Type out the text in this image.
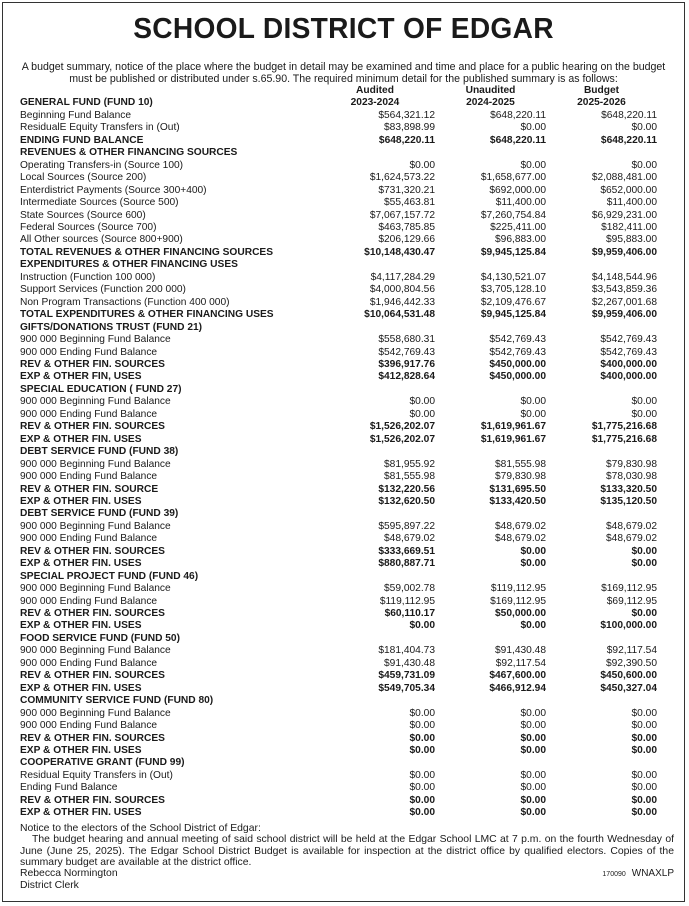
SCHOOL DISTRICT OF EDGAR
A budget summary, notice of the place where the budget in detail may be examined and time and place for a public hearing on the budget must be published or distributed under s.65.90. The required minimum detail for the published summary is as follows:
	Audited	Unaudited	Budget
GENERAL FUND (FUND 10)	2023-2024	2024-2025	2025-2026
Beginning Fund Balance	$564,321.12	$648,220.11	$648,220.11
ResidualE Equity Transfers in (Out)	$83,898.99	$0.00	$0.00
ENDING FUND BALANCE	$648,220.11	$648,220.11	$648,220.11
REVENUES & OTHER FINANCING SOURCES			
Operating Transfers-in (Source 100)	$0.00	$0.00	$0.00
Local Sources (Source 200)	$1,624,573.22	$1,658,677.00	$2,088,481.00
Enterdistrict Payments (Source 300+400)	$731,320.21	$692,000.00	$652,000.00
Intermediate Sources (Source 500)	$55,463.81	$11,400.00	$11,400.00
State Sources (Source 600)	$7,067,157.72	$7,260,754.84	$6,929,231.00
Federal Sources (Source 700)	$463,785.85	$225,411.00	$182,411.00
All Other sources (Source 800+900)	$206,129.66	$96,883.00	$95,883.00
TOTAL REVENUES & OTHER FINANCING SOURCES	$10,148,430.47	$9,945,125.84	$9,959,406.00
EXPENDITURES & OTHER FINANCING USES			
Instruction (Function 100 000)	$4,117,284.29	$4,130,521.07	$4,148,544.96
Support Services (Function 200 000)	$4,000,804.56	$3,705,128.10	$3,543,859.36
Non Program Transactions (Function 400 000)	$1,946,442.33	$2,109,476.67	$2,267,001.68
TOTAL EXPENDITURES & OTHER FINANCING USES	$10,064,531.48	$9,945,125.84	$9,959,406.00
GIFTS/DONATIONS TRUST (FUND 21)			
900 000 Beginning Fund Balance	$558,680.31	$542,769.43	$542,769.43
900 000 Ending Fund Balance	$542,769.43	$542,769.43	$542,769.43
REV & OTHER FIN. SOURCES	$396,917.76	$450,000.00	$400,000.00
EXP & OTHER FIN, USES	$412,828.64	$450,000.00	$400,000.00
SPECIAL EDUCATION ( FUND 27)			
900 000 Beginning Fund Balance	$0.00	$0.00	$0.00
900 000 Ending Fund Balance	$0.00	$0.00	$0.00
REV & OTHER FIN. SOURCES	$1,526,202.07	$1,619,961.67	$1,775,216.68
EXP & OTHER FIN. USES	$1,526,202.07	$1,619,961.67	$1,775,216.68
DEBT SERVICE FUND (FUND 38)			
900 000 Beginning Fund Balance	$81,955.92	$81,555.98	$79,830.98
900 000 Ending Fund Balance	$81,555.98	$79,830.98	$78,030.98
REV & OTHER FIN. SOURCE	$132,220.56	$131,695.50	$133,320.50
EXP & OTHER FIN. USES	$132,620.50	$133,420.50	$135,120.50
DEBT SERVICE FUND (FUND 39)			
900 000 Beginning Fund Balance	$595,897.22	$48,679.02	$48,679.02
900 000 Ending Fund Balance	$48,679.02	$48,679.02	$48,679.02
REV & OTHER FIN. SOURCES	$333,669.51	$0.00	$0.00
EXP & OTHER FIN. USES	$880,887.71	$0.00	$0.00
SPECIAL PROJECT FUND (FUND 46)			
900 000 Beginning Fund Balance	$59,002.78	$119,112.95	$169,112.95
900 000 Ending Fund Balance	$119,112.95	$169,112.95	$69,112.95
REV & OTHER FIN. SOURCES	$60,110.17	$50,000.00	$0.00
EXP & OTHER FIN. USES	$0.00	$0.00	$100,000.00
FOOD SERVICE FUND (FUND 50)			
900 000 Beginning Fund Balance	$181,404.73	$91,430.48	$92,117.54
900 000 Ending Fund Balance	$91,430.48	$92,117.54	$92,390.50
REV & OTHER FIN. SOURCES	$459,731.09	$467,600.00	$450,600.00
EXP & OTHER FIN. USES	$549,705.34	$466,912.94	$450,327.04
COMMUNITY SERVICE FUND (FUND 80)			
900 000 Beginning Fund Balance	$0.00	$0.00	$0.00
900 000 Ending Fund Balance	$0.00	$0.00	$0.00
REV & OTHER FIN. SOURCES	$0.00	$0.00	$0.00
EXP & OTHER FIN. USES	$0.00	$0.00	$0.00
COOPERATIVE GRANT (FUND 99)			
Residual Equity Transfers in (Out)	$0.00	$0.00	$0.00
Ending Fund Balance	$0.00	$0.00	$0.00
REV & OTHER FIN. SOURCES	$0.00	$0.00	$0.00
EXP & OTHER FIN. USES	$0.00	$0.00	$0.00

Notice to the electors of the School District of Edgar:

The budget hearing and annual meeting of said school district will be held at the Edgar School LMC at 7 p.m. on the fourth Wednesday of June (June 25, 2025). The Edgar School District Budget is available for inspection at the district office by qualified electors. Copies of the summary budget are available at the district office.

Rebecca Normington

District Clerk

170090 WNAXLP
